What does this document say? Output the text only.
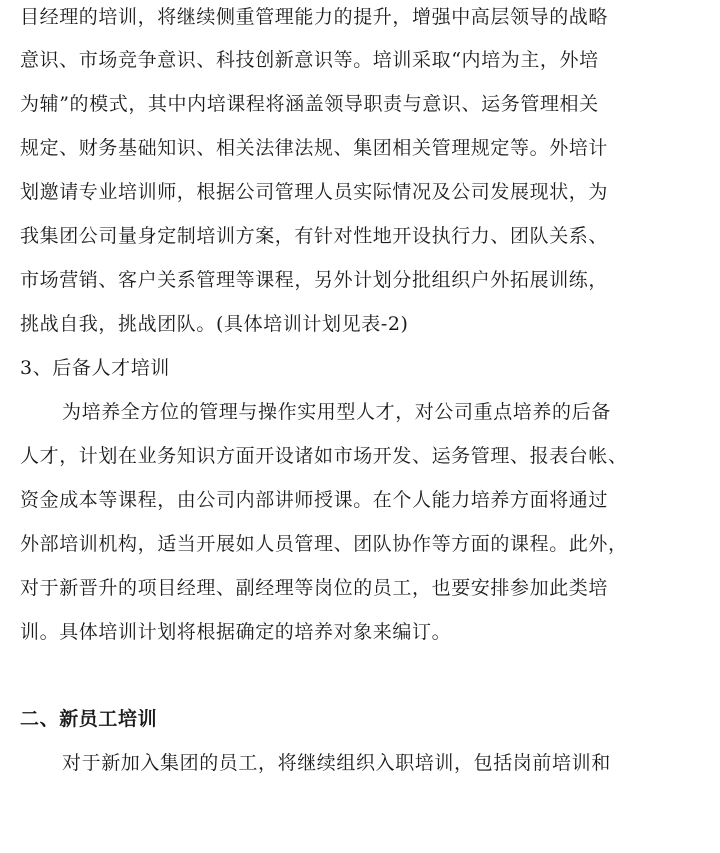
目经理的培训，将继续侧重管理能力的提升，增强中高层领导的战略
意识、市场竞争意识、科技创新意识等。培训采取“内培为主，外培
为辅”的模式，其中内培课程将涵盖领导职责与意识、运务管理相关
规定、财务基础知识、相关法律法规、集团相关管理规定等。外培计
划邀请专业培训师，根据公司管理人员实际情况及公司发展现状，为
我集团公司量身定制培训方案，有针对性地开设执行力、团队关系、
市场营销、客户关系管理等课程，另外计划分批组织户外拓展训练，
挑战自我，挑战团队。(具体培训计划见表-2)
3、后备人才培训
为培养全方位的管理与操作实用型人才，对公司重点培养的后备
人才，计划在业务知识方面开设诸如市场开发、运务管理、报表台帐、
资金成本等课程，由公司内部讲师授课。在个人能力培养方面将通过
外部培训机构，适当开展如人员管理、团队协作等方面的课程。此外，
对于新晋升的项目经理、副经理等岗位的员工，也要安排参加此类培
训。具体培训计划将根据确定的培养对象来编订。
二、新员工培训
对于新加入集团的员工，将继续组织入职培训，包括岗前培训和
